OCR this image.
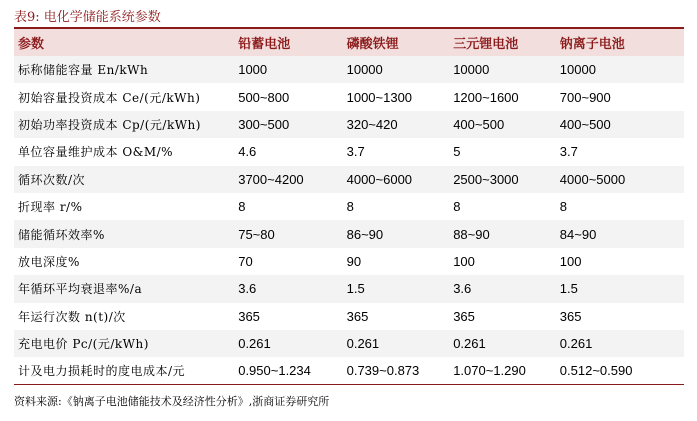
表9: 电化学储能系统参数
参数	铅蓄电池	磷酸铁锂	三元锂电池	钠离子电池
标称储能容量 En/kWh	1000	10000	10000	10000
初始容量投资成本 Ce/(元/kWh)	500~800	1000~1300	1200~1600	700~900
初始功率投资成本 Cp/(元/kWh)	300~500	320~420	400~500	400~500
单位容量维护成本 O&M/%	4.6	3.7	5	3.7
循环次数/次	3700~4200	4000~6000	2500~3000	4000~5000
折现率 r/%	8	8	8	8
储能循环效率%	75~80	86~90	88~90	84~90
放电深度%	70	90	100	100
年循环平均衰退率%/a	3.6	1.5	3.6	1.5
年运行次数 n(t)/次	365	365	365	365
充电电价 Pc/(元/kWh)	0.261	0.261	0.261	0.261
计及电力损耗时的度电成本/元	0.950~1.234	0.739~0.873	1.070~1.290	0.512~0.590
资料来源:《钠离子电池储能技术及经济性分析》,浙商证券研究所
